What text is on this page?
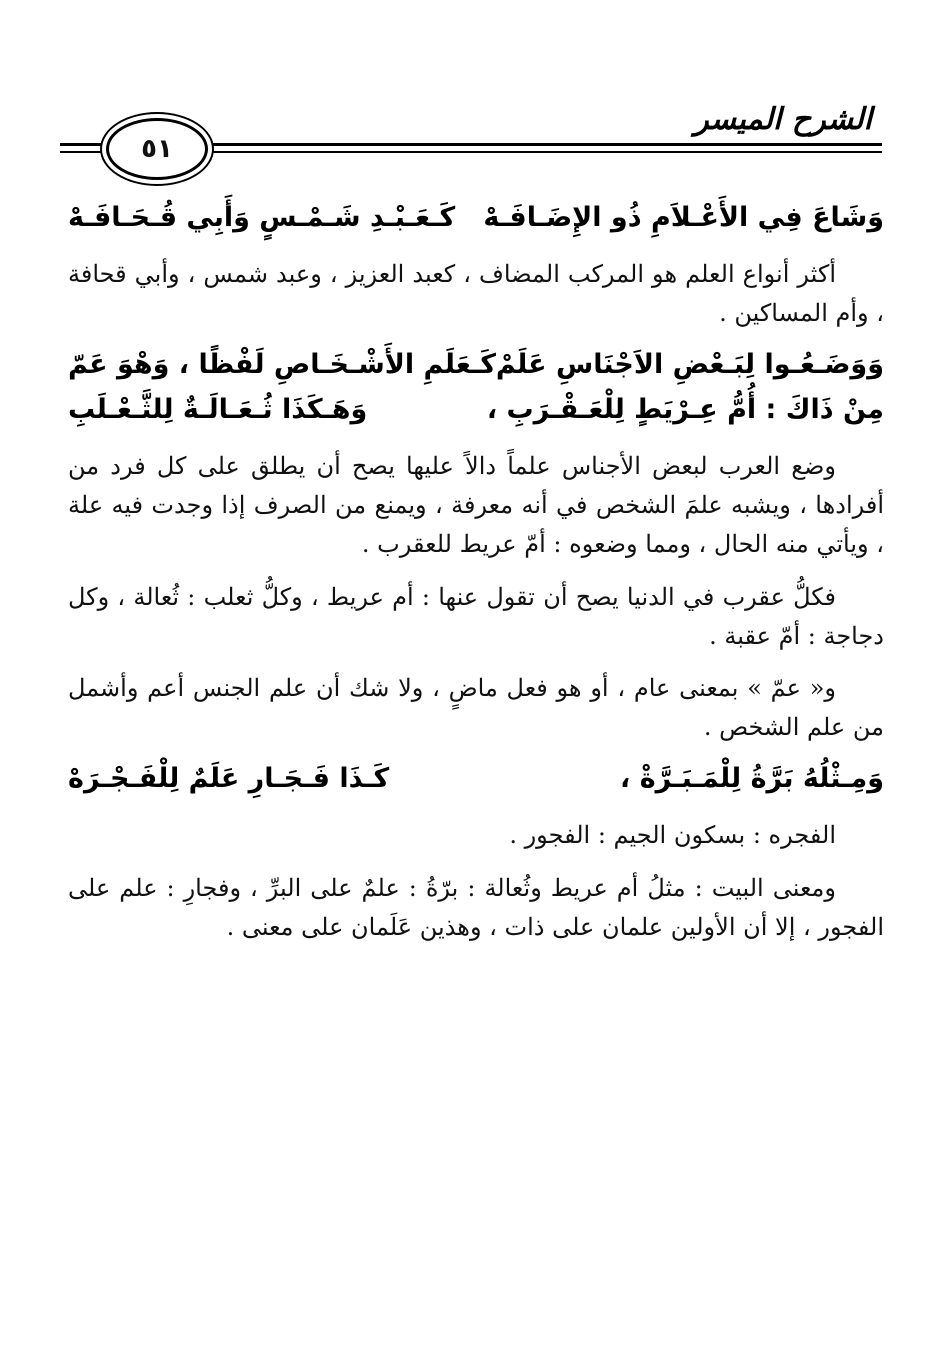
الشرح الميسر
٥١
وَشَاعَ فِي الأَعْـلاَمِ ذُو الإِضَـافَـهْ
كَـعَـبْـدِ شَـمْـسٍ وَأَبِي قُـحَـافَـهْ

أكثر أنواع العلم هو المركب المضاف ، كعبد العزيز ، وعبد شمس ، وأبي قحافة ، وأم المساكين .

وَوَضَـعُـوا لِبَـعْضِ الاَجْنَاسِ عَلَمْ
كَـعَلَمِ الأَشْـخَـاصِ لَفْظًا ، وَهْوَ عَمّ
مِنْ ذَاكَ : أُمُّ عِـرْيَطٍ لِلْعَـقْـرَبِ ،
وَهَـكَذَا ثُـعَـالَـةٌ لِلثَّـعْـلَبِ

وضع العرب لبعض الأجناس علماً دالاً عليها يصح أن يطلق على كل فرد من أفرادها ، ويشبه علمَ الشخص في أنه معرفة ، ويمنع من الصرف إذا وجدت فيه علة ، ويأتي منه الحال ، ومما وضعوه : أمّ عريط للعقرب .

فكلُّ عقرب في الدنيا يصح أن تقول عنها : أم عريط ، وكلُّ ثعلب : ثُعالة ، وكل دجاجة : أمّ عقبة .

و« عمّ » بمعنى عام ، أو هو فعل ماضٍ ، ولا شك أن علم الجنس أعم وأشمل من علم الشخص .

وَمِـثْلُهُ بَرَّةُ لِلْمَـبَـرَّةْ ،
كَـذَا فَـجَـارِ عَلَمٌ لِلْفَـجْـرَهْ

الفجره : بسكون الجيم : الفجور .

ومعنى البيت : مثلُ أم عريط وثُعالة : برّةُ : علمٌ على البرِّ ، وفجارِ : علم على الفجور ، إلا أن الأولين علمان على ذات ، وهذين عَلَمان على معنى .
